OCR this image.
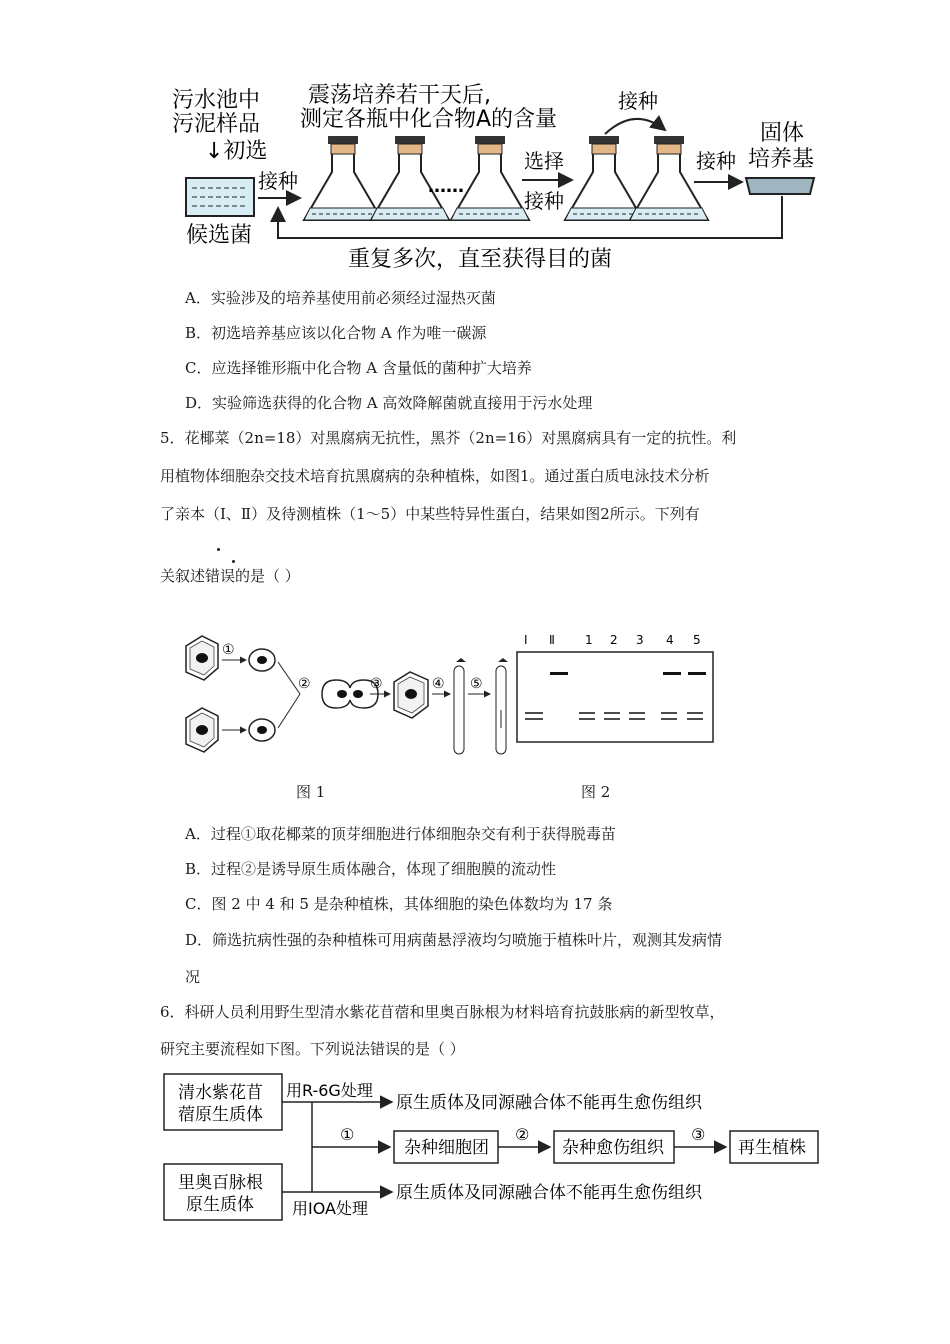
污水池中
污泥样品
↓初选
候选菌
接种
震荡培养若干天后,
测定各瓶中化合物A的含量
……
选择
接种
接种
接种
固体
培养基
重复多次，直至获得目的菌
A．实验涉及的培养基使用前必须经过湿热灭菌
B．初选培养基应该以化合物 A 作为唯一碳源
C．应选择锥形瓶中化合物 A 含量低的菌种扩大培养
D．实验筛选获得的化合物 A 高效降解菌就直接用于污水处理
5．花椰菜（2n=18）对黑腐病无抗性，黑芥（2n=16）对黑腐病具有一定的抗性。利
用植物体细胞杂交技术培育抗黑腐病的杂种植株，如图1。通过蛋白质电泳技术分析
了亲本（Ⅰ、Ⅱ）及待测植株（1～5）中某些特异性蛋白，结果如图2所示。下列有
关叙述错误的是（ ）
①
②	③	④ ⑤
Ⅰ Ⅱ	1 2 3 4 5
图 1	图 2
A．过程①取花椰菜的顶芽细胞进行体细胞杂交有利于获得脱毒苗
B．过程②是诱导原生质体融合，体现了细胞膜的流动性
C．图 2 中 4 和 5 是杂种植株，其体细胞的染色体数均为 17 条
D．筛选抗病性强的杂种植株可用病菌悬浮液均匀喷施于植株叶片，观测其发病情
况
6．科研人员利用野生型清水紫花苜蓿和里奥百脉根为材料培育抗鼓胀病的新型牧草，
研究主要流程如下图。下列说法错误的是（ ）
清水紫花苜
蓿原生质体
用R-6G处理
原生质体及同源融合体不能再生愈伤组织
里奥百脉根
原生质体 用IOA处理
原生质体及同源融合体不能再生愈伤组织
①
杂种细胞团
②
杂种愈伤组织
③
再生植株
